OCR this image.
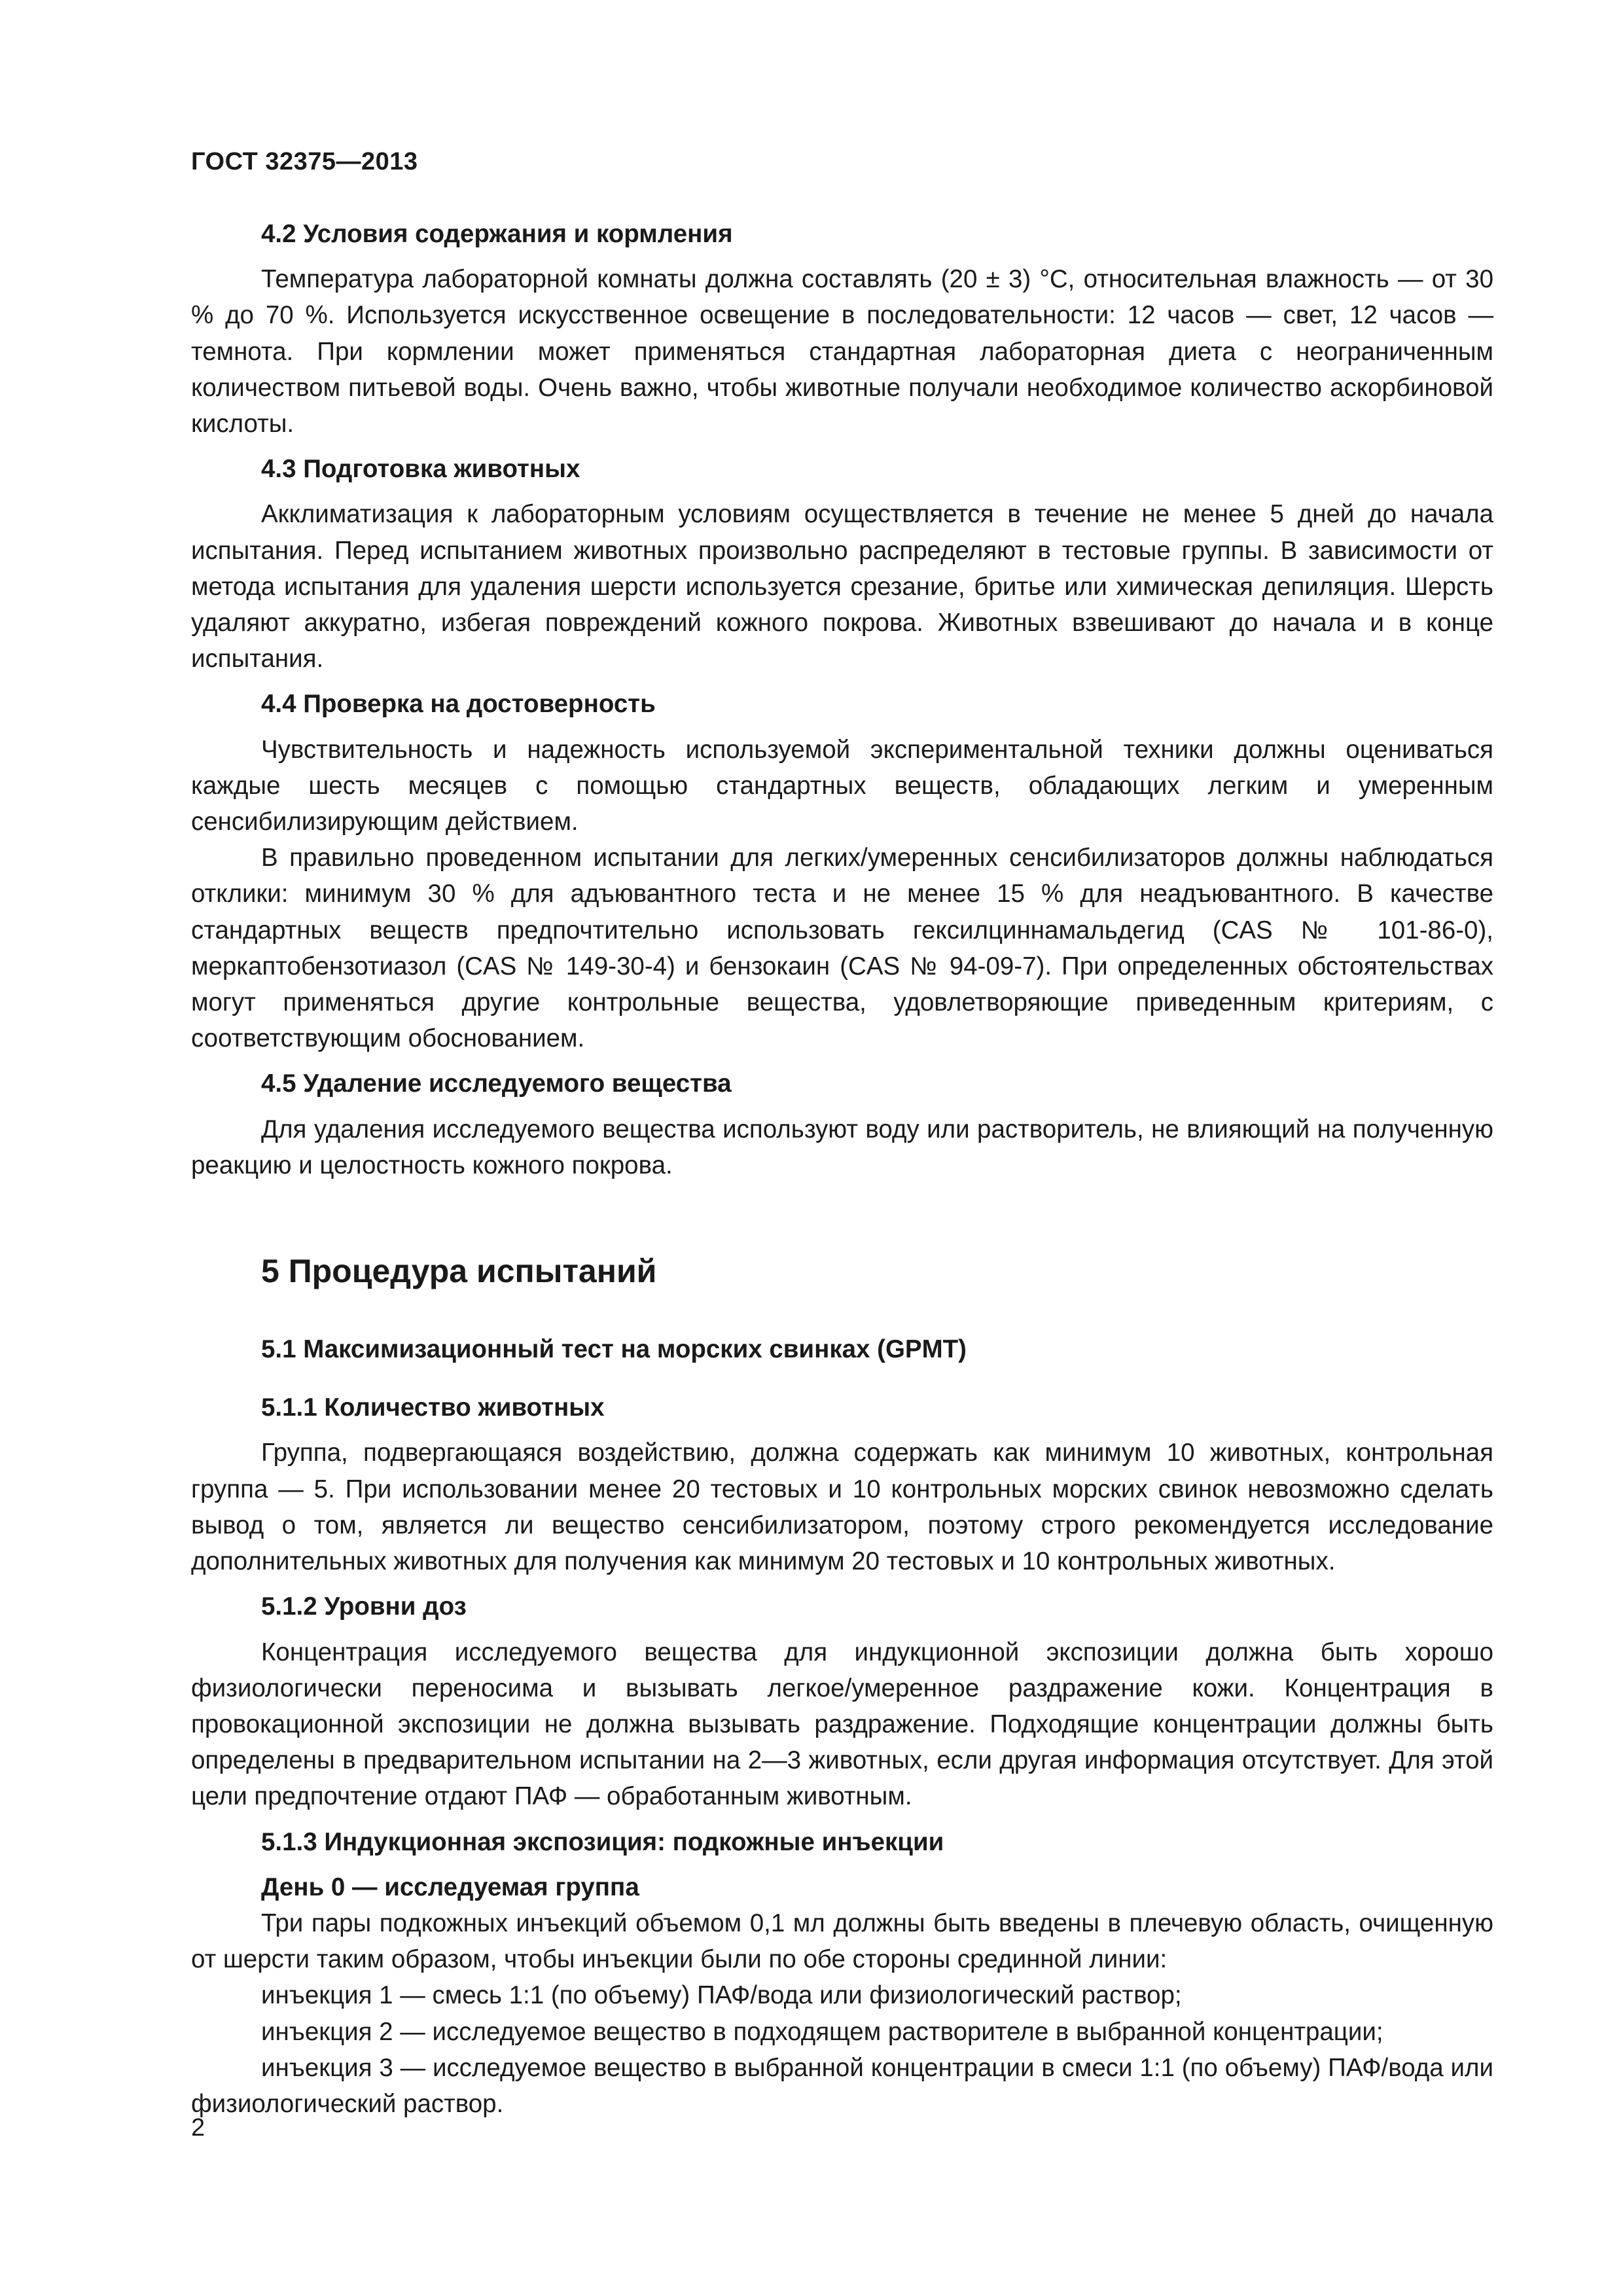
ГОСТ 32375—2013
4.2 Условия содержания и кормления

Температура лабораторной комнаты должна составлять (20 ± 3) °С, относительная влажность — от 30 % до 70 %. Используется искусственное освещение в последовательности: 12 часов — свет, 12 часов — темнота. При кормлении может применяться стандартная лабораторная диета с неограниченным количеством питьевой воды. Очень важно, чтобы животные получали необходимое количество аскорбиновой кислоты.

4.3 Подготовка животных

Акклиматизация к лабораторным условиям осуществляется в течение не менее 5 дней до начала испытания. Перед испытанием животных произвольно распределяют в тестовые группы. В зависимости от метода испытания для удаления шерсти используется срезание, бритье или химическая депиляция. Шерсть удаляют аккуратно, избегая повреждений кожного покрова. Животных взвешивают до начала и в конце испытания.

4.4 Проверка на достоверность

Чувствительность и надежность используемой экспериментальной техники должны оцениваться каждые шесть месяцев с помощью стандартных веществ, обладающих легким и умеренным сенсибилизирующим действием.

В правильно проведенном испытании для легких/умеренных сенсибилизаторов должны наблюдаться отклики: минимум 30 % для адъювантного теста и не менее 15 % для неадъювантного. В качестве стандартных веществ предпочтительно использовать гексилциннамальдегид (CAS № 101-86-0), меркаптобензотиазол (CAS № 149-30-4) и бензокаин (CAS № 94-09-7). При определенных обстоятельствах могут применяться другие контрольные вещества, удовлетворяющие приведенным критериям, с соответствующим обоснованием.

4.5 Удаление исследуемого вещества

Для удаления исследуемого вещества используют воду или растворитель, не влияющий на полученную реакцию и целостность кожного покрова.

5 Процедура испытаний
5.1 Максимизационный тест на морских свинках (GPMT)
5.1.1 Количество животных

Группа, подвергающаяся воздействию, должна содержать как минимум 10 животных, контрольная группа — 5. При использовании менее 20 тестовых и 10 контрольных морских свинок невозможно сделать вывод о том, является ли вещество сенсибилизатором, поэтому строго рекомендуется исследование дополнительных животных для получения как минимум 20 тестовых и 10 контрольных животных.

5.1.2 Уровни доз

Концентрация исследуемого вещества для индукционной экспозиции должна быть хорошо физиологически переносима и вызывать легкое/умеренное раздражение кожи. Концентрация в провокационной экспозиции не должна вызывать раздражение. Подходящие концентрации должны быть определены в предварительном испытании на 2—3 животных, если другая информация отсутствует. Для этой цели предпочтение отдают ПАФ — обработанным животным.

5.1.3 Индукционная экспозиция: подкожные инъекции
День 0 — исследуемая группа

Три пары подкожных инъекций объемом 0,1 мл должны быть введены в плечевую область, очищенную от шерсти таким образом, чтобы инъекции были по обе стороны срединной линии:

инъекция 1 — смесь 1:1 (по объему) ПАФ/вода или физиологический раствор;

инъекция 2 — исследуемое вещество в подходящем растворителе в выбранной концентрации;

инъекция 3 — исследуемое вещество в выбранной концентрации в смеси 1:1 (по объему) ПАФ/вода или физиологический раствор.

2
